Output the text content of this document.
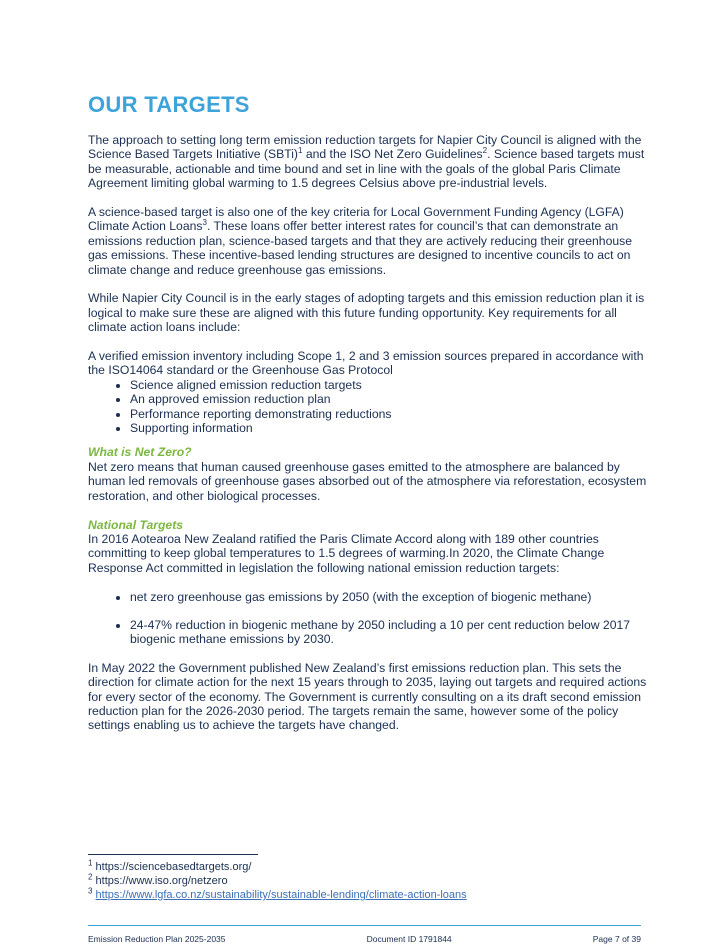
OUR TARGETS

The approach to setting long term emission reduction targets for Napier City Council is aligned with the Science Based Targets Initiative (SBTi)$^1$ and the ISO Net Zero Guidelines$^2$. Science based targets must be measurable, actionable and time bound and set in line with the goals of the global Paris Climate Agreement limiting global warming to 1.5 degrees Celsius above pre-industrial levels.

A science-based target is also one of the key criteria for Local Government Funding Agency (LGFA) Climate Action Loans$^3$. These loans offer better interest rates for council’s that can demonstrate an emissions reduction plan, science-based targets and that they are actively reducing their greenhouse gas emissions. These incentive-based lending structures are designed to incentive councils to act on climate change and reduce greenhouse gas emissions.

While Napier City Council is in the early stages of adopting targets and this emission reduction plan it is logical to make sure these are aligned with this future funding opportunity. Key requirements for all climate action loans include:

A verified emission inventory including Scope 1, 2 and 3 emission sources prepared in accordance with the ISO14064 standard or the Greenhouse Gas Protocol
• Science aligned emission reduction targets
• An approved emission reduction plan
• Performance reporting demonstrating reductions
• Supporting information
What is Net Zero?

Net zero means that human caused greenhouse gases emitted to the atmosphere are balanced by human led removals of greenhouse gases absorbed out of the atmosphere via reforestation, ecosystem restoration, and other biological processes.

National Targets

In 2016 Aotearoa New Zealand ratified the Paris Climate Accord along with 189 other countries committing to keep global temperatures to 1.5 degrees of warming.In 2020, the Climate Change Response Act committed in legislation the following national emission reduction targets:

• net zero greenhouse gas emissions by 2050 (with the exception of biogenic methane)
• 24-47% reduction in biogenic methane by 2050 including a 10 per cent reduction below 2017 biogenic methane emissions by 2030.

In May 2022 the Government published New Zealand’s first emissions reduction plan. This sets the direction for climate action for the next 15 years through to 2035, laying out targets and required actions for every sector of the economy. The Government is currently consulting on a its draft second emission reduction plan for the 2026-2030 period. The targets remain the same, however some of the policy settings enabling us to achieve the targets have changed.

$^1$ https://sciencebasedtargets.org/
$^2$ https://www.iso.org/netzero
$^3$ https://www.lgfa.co.nz/sustainability/sustainable-lending/climate-action-loans
Emission Reduction Plan 2025-2035	Document ID 1791844	Page 7 of 39
